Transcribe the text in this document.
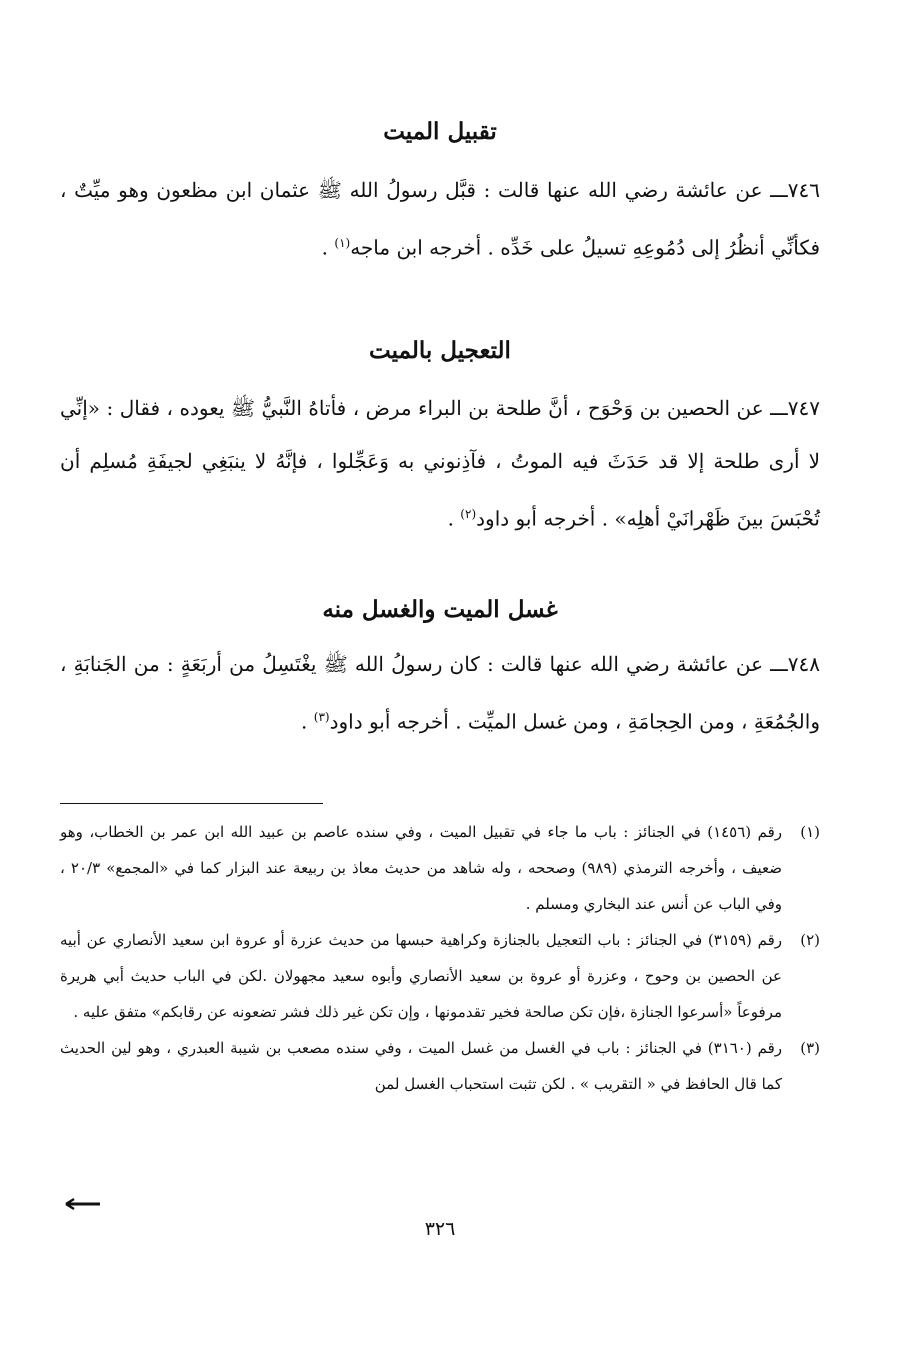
تقبيل الميت
٧٤٦ـــ عن عائشة رضي الله عنها قالت : قبَّل رسولُ الله ﷺ عثمان ابن مظعون وهو ميِّتٌ ، فكأنِّي أنظُرُ إلى دُمُوعِهِ تسيلُ على خَدِّه . أخرجه ابن ماجه$^{(١)}$ .
التعجيل بالميت
٧٤٧ـــ عن الحصين بن وَحْوَح ، أنَّ طلحة بن البراء مرض ، فأتاهُ النَّبيُّ ﷺ يعوده ، فقال : «إنِّي لا أرى طلحة إلا قد حَدَثَ فيه الموتُ ، فآذِنوني به وَعَجِّلوا ، فإنَّهُ لا ينبَغِي لجيفَةِ مُسلِم أن تُحْبَسَ بينَ ظَهْرانَيْ أهلِه» . أخرجه أبو داود$^{(٢)}$ .
غسل الميت والغسل منه
٧٤٨ـــ عن عائشة رضي الله عنها قالت : كان رسولُ الله ﷺ يغْتَسِلُ من أربَعَةٍ : من الجَنابَةِ ، والجُمُعَةِ ، ومن الحِجامَةِ ، ومن غسل الميِّت . أخرجه أبو داود$^{(٣)}$ .

(١)رقم (١٤٥٦) في الجنائز : باب ما جاء في تقبيل الميت ، وفي سنده عاصم بن عبيد الله ابن عمر بن الخطاب، وهو ضعيف ، وأخرجه الترمذي (٩٨٩) وصححه ، وله شاهد من حديث معاذ بن ربيعة عند البزار كما في «المجمع» ٢٠/٣ ، وفي الباب عن أنس عند البخاري ومسلم .

(٢)رقم (٣١٥٩) في الجنائز : باب التعجيل بالجنازة وكراهية حبسها من حديث عزرة أو عروة ابن سعيد الأنصاري عن أبيه عن الحصين بن وحوح ، وعزرة أو عروة بن سعيد الأنصاري وأبوه سعيد مجهولان .لكن في الباب حديث أبي هريرة مرفوعاً «أسرعوا الجنازة ،فإن تكن صالحة فخير تقدمونها ، وإن تكن غير ذلك فشر تضعونه عن رقابكم» متفق عليه .

(٣)رقم (٣١٦٠) في الجنائز : باب في الغسل من غسل الميت ، وفي سنده مصعب بن شيبة العبدري ، وهو لين الحديث كما قال الحافظ في « التقريب » . لكن تثبت استحباب الغسل لمن

٣٢٦
